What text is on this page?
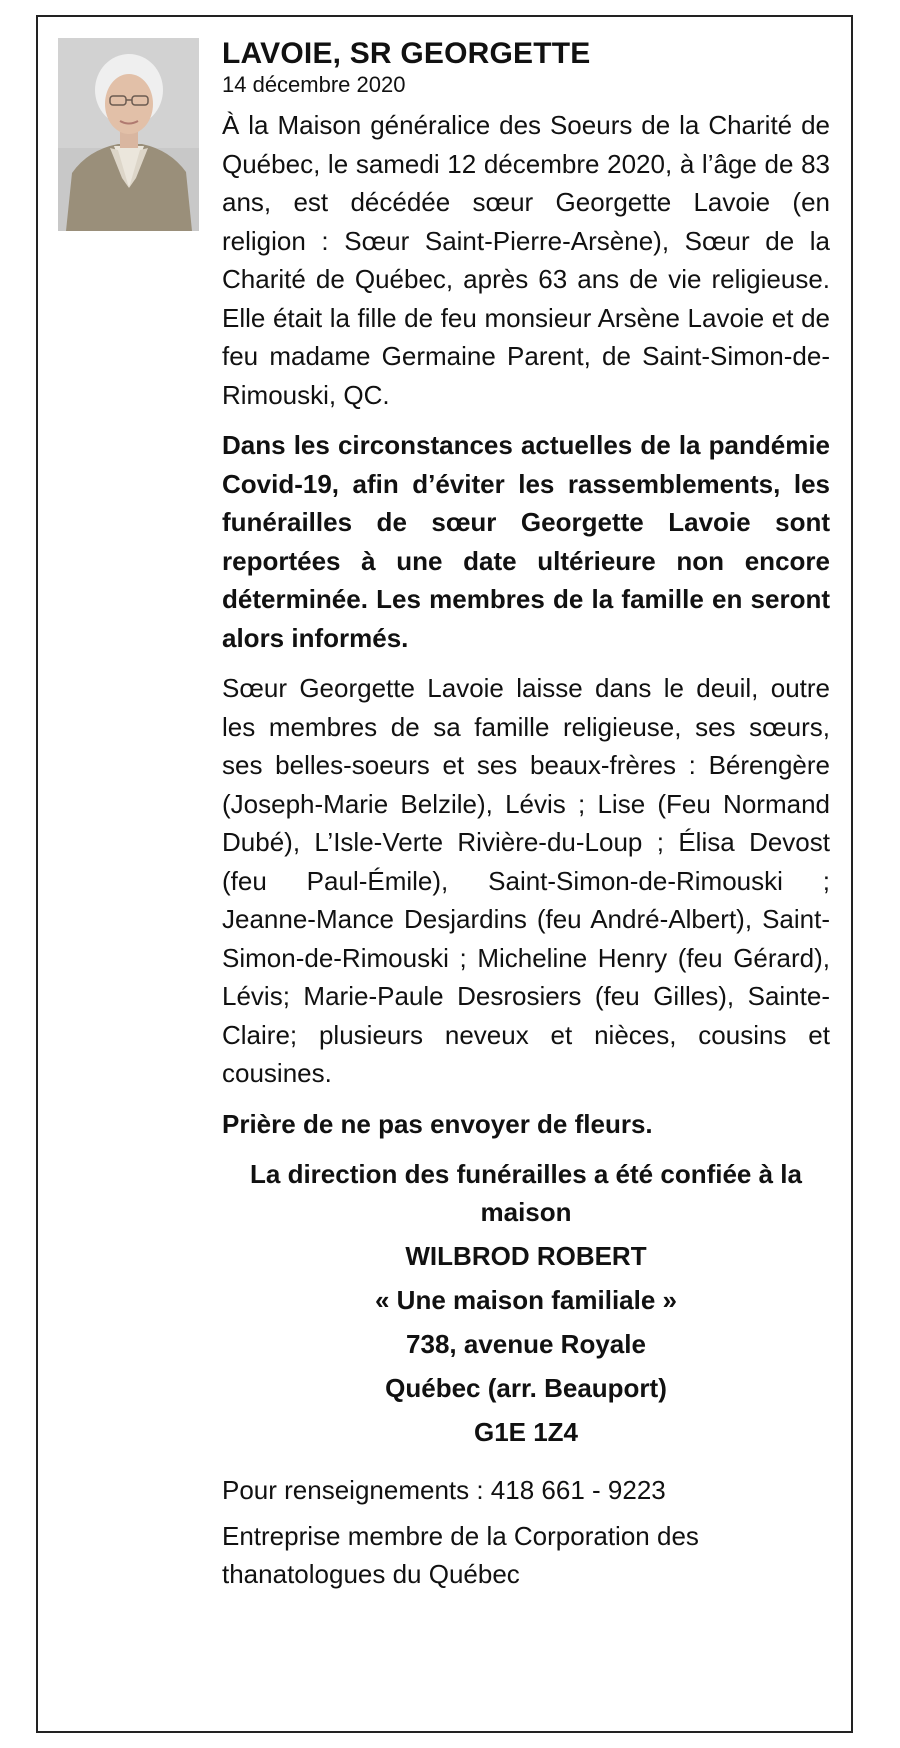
LAVOIE, SR GEORGETTE
14 décembre 2020

À la Maison généralice des Soeurs de la Charité de Québec, le samedi 12 décembre 2020, à l’âge de 83 ans, est décédée sœur Georgette Lavoie (en religion : Sœur Saint-Pierre-Arsène), Sœur de la Charité de Québec, après 63 ans de vie religieuse. Elle était la fille de feu monsieur Arsène Lavoie et de feu madame Germaine Parent, de Saint-Simon-de-Rimouski, QC.

Dans les circonstances actuelles de la pandémie Covid-19, afin d’éviter les rassemblements, les funérailles de sœur Georgette Lavoie sont reportées à une date ultérieure non encore déterminée. Les membres de la famille en seront alors informés.

Sœur Georgette Lavoie laisse dans le deuil, outre les membres de sa famille religieuse, ses sœurs, ses belles-soeurs et ses beaux-frères : Bérengère (Joseph-Marie Belzile), Lévis ; Lise (Feu Normand Dubé), L’Isle-Verte Rivière-du-Loup ; Élisa Devost (feu Paul-Émile), Saint-Simon-de-Rimouski ; Jeanne-Mance Desjardins (feu André-Albert), Saint-Simon-de-Rimouski ; Micheline Henry (feu Gérard), Lévis; Marie-Paule Desrosiers (feu Gilles), Sainte-Claire; plusieurs neveux et nièces, cousins et cousines.

Prière de ne pas envoyer de fleurs.

La direction des funérailles a été confiée à la maison
WILBROD ROBERT
« Une maison familiale »
738, avenue Royale
Québec (arr. Beauport)
G1E 1Z4

Pour renseignements : 418 661 - 9223

Entreprise membre de la Corporation des thanatologues du Québec
